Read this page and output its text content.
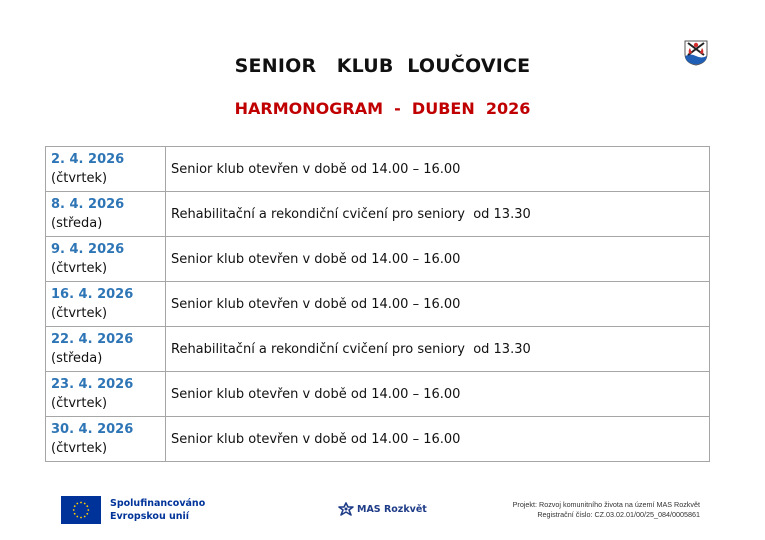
SENIOR   KLUB  LOUČOVICE
HARMONOGRAM  -  DUBEN  2026
2. 4. 2026
(čtvrtek)	Senior klub otevřen v době od 14.00 – 16.00

8. 4. 2026
(středa)	Rehabilitační a rekondiční cvičení pro seniory  od 13.30

9. 4. 2026
(čtvrtek)	Senior klub otevřen v době od 14.00 – 16.00

16. 4. 2026
(čtvrtek)	Senior klub otevřen v době od 14.00 – 16.00

22. 4. 2026
(středa)	Rehabilitační a rekondiční cvičení pro seniory  od 13.30

23. 4. 2026
(čtvrtek)	Senior klub otevřen v době od 14.00 – 16.00

30. 4. 2026
(čtvrtek)	Senior klub otevřen v době od 14.00 – 16.00
Spolufinancováno
Evropskou unií
MAS Rozkvět	Projekt: Rozvoj komunitního života na území MAS Rozkvět
Registrační číslo: CZ.03.02.01/00/25_084/0005861
